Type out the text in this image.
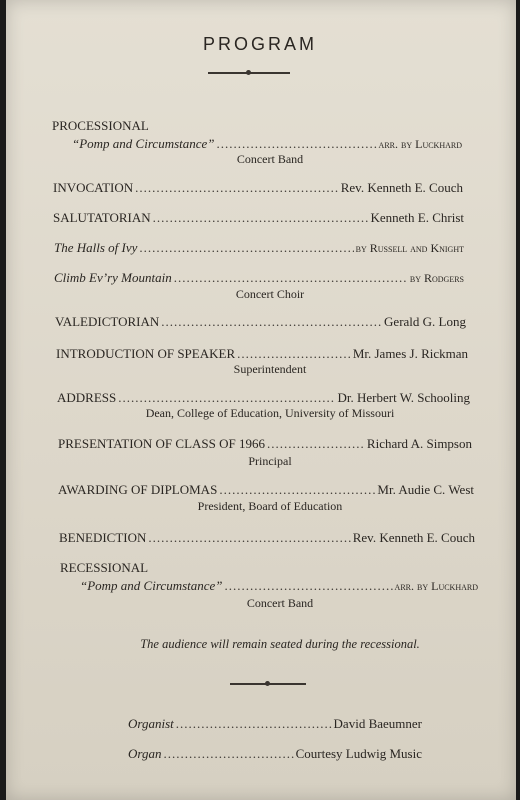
PROGRAM
PROCESSIONAL
“Pomp and Circumstance” .....	arr. by Luckhard
Concert Band
INVOCATION .....	Rev. Kenneth E. Couch
SALUTATORIAN .....	Kenneth E. Christ
The Halls of Ivy .....	by Russell and Knight
Climb Ev’ry Mountain .....	by Rodgers
Concert Choir
VALEDICTORIAN .....	Gerald G. Long
INTRODUCTION OF SPEAKER .....	Mr. James J. Rickman
Superintendent
ADDRESS .....	Dr. Herbert W. Schooling
Dean, College of Education, University of Missouri
PRESENTATION OF CLASS OF 1966 .....	Richard A. Simpson
Principal
AWARDING OF DIPLOMAS .....	Mr. Audie C. West
President, Board of Education
BENEDICTION .....	Rev. Kenneth E. Couch
RECESSIONAL
“Pomp and Circumstance” .....	arr. by Luckhard
Concert Band
The audience will remain seated during the recessional.
Organist .....	David Baeumner
Organ .....	Courtesy Ludwig Music
